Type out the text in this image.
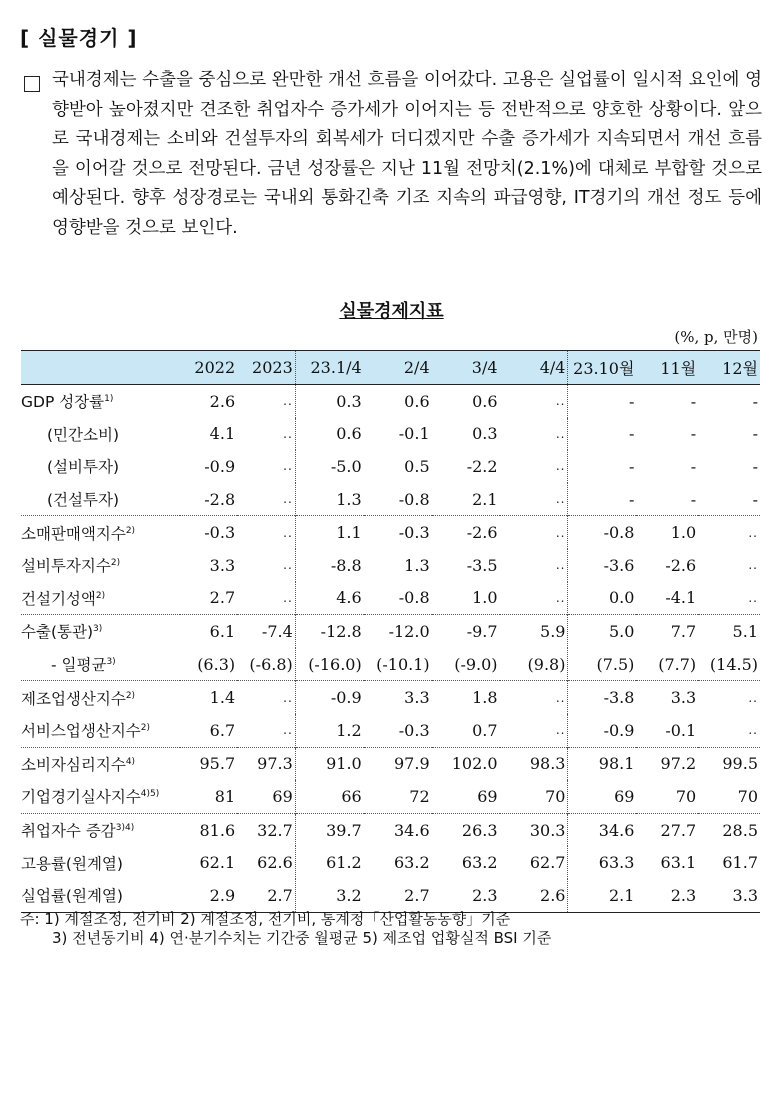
[ 실물경기 ]
국내경제는 수출을 중심으로 완만한 개선 흐름을 이어갔다. 고용은 실업률이 일시적 요인에 영향받아 높아졌지만 견조한 취업자수 증가세가 이어지는 등 전반적으로 양호한 상황이다. 앞으로 국내경제는 소비와 건설투자의 회복세가 더디겠지만 수출 증가세가 지속되면서 개선 흐름을 이어갈 것으로 전망된다. 금년 성장률은 지난 11월 전망치(2.1%)에 대체로 부합할 것으로 예상된다. 향후 성장경로는 국내외 통화긴축 기조 지속의 파급영향, IT경기의 개선 정도 등에 영향받을 것으로 보인다.
실물경제지표
(%, p, 만명)
	2022	2023	23.1/4	2/4	3/4	4/4	23.10월	11월	12월
GDP 성장률$^{1)}$	2.6	..	0.3	0.6	0.6	..	-	-	-
(민간소비)	4.1	..	0.6	-0.1	0.3	..	-	-	-
(설비투자)	-0.9	..	-5.0	0.5	-2.2	..	-	-	-
(건설투자)	-2.8	..	1.3	-0.8	2.1	..	-	-	-
소매판매액지수$^{2)}$	-0.3	..	1.1	-0.3	-2.6	..	-0.8	1.0	..
설비투자지수$^{2)}$	3.3	..	-8.8	1.3	-3.5	..	-3.6	-2.6	..
건설기성액$^{2)}$	2.7	..	4.6	-0.8	1.0	..	0.0	-4.1	..
수출(통관)$^{3)}$	6.1	-7.4	-12.8	-12.0	-9.7	5.9	5.0	7.7	5.1
- 일평균$^{3)}$	(6.3)	(-6.8)	(-16.0)	(-10.1)	(-9.0)	(9.8)	(7.5)	(7.7)	(14.5)
제조업생산지수$^{2)}$	1.4	..	-0.9	3.3	1.8	..	-3.8	3.3	..
서비스업생산지수$^{2)}$	6.7	..	1.2	-0.3	0.7	..	-0.9	-0.1	..
소비자심리지수$^{4)}$	95.7	97.3	91.0	97.9	102.0	98.3	98.1	97.2	99.5
기업경기실사지수$^{4)5)}$	81	69	66	72	69	70	69	70	70
취업자수 증감$^{3)4)}$	81.6	32.7	39.7	34.6	26.3	30.3	34.6	27.7	28.5
고용률(원계열)	62.1	62.6	61.2	63.2	63.2	62.7	63.3	63.1	61.7
실업률(원계열)	2.9	2.7	3.2	2.7	2.3	2.6	2.1	2.3	3.3
주: 1) 계절조정, 전기비 2) 계절조정, 전기비, 통계청「산업활동동향」기준
3) 전년동기비 4) 연·분기수치는 기간중 월평균 5) 제조업 업황실적 BSI 기준
